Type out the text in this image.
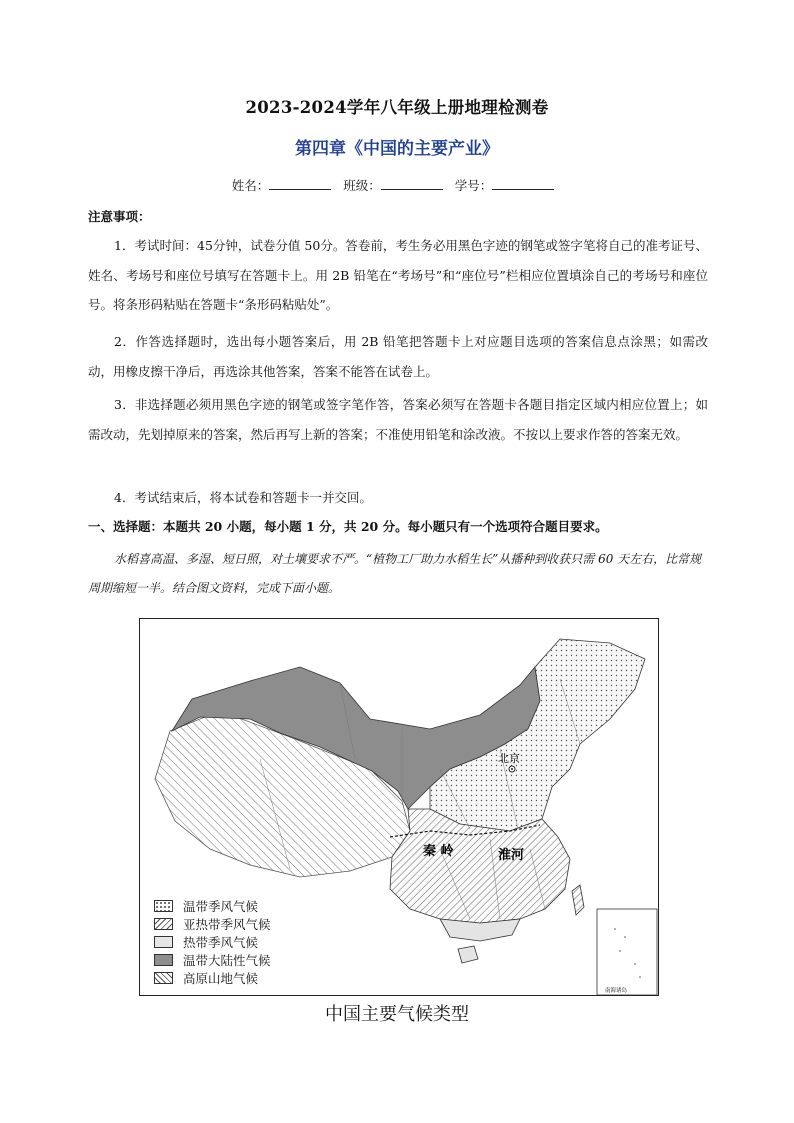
2023-2024学年八年级上册地理检测卷
第四章《中国的主要产业》
姓名：	班级：	学号：
注意事项：
1．考试时间：45分钟，试卷分值 50分。答卷前，考生务必用黑色字迹的钢笔或签字笔将自己的准考证号、姓名、考场号和座位号填写在答题卡上。用 2B 铅笔在“考场号”和“座位号”栏相应位置填涂自己的考场号和座位号。将条形码粘贴在答题卡“条形码粘贴处”。
2．作答选择题时，选出每小题答案后，用 2B 铅笔把答题卡上对应题目选项的答案信息点涂黑；如需改动，用橡皮擦干净后，再选涂其他答案，答案不能答在试卷上。
3．非选择题必须用黑色字迹的钢笔或签字笔作答，答案必须写在答题卡各题目指定区域内相应位置上；如需改动，先划掉原来的答案，然后再写上新的答案；不准使用铅笔和涂改液。不按以上要求作答的答案无效。
4．考试结束后，将本试卷和答题卡一并交回。
一、选择题：本题共 20 小题，每小题 1 分，共 20 分。每小题只有一个选项符合题目要求。
水稻喜高温、多湿、短日照，对土壤要求不严。“植物工厂助力水稻生长”从播种到收获只需 60 天左右，比常规周期缩短一半。结合图文资料，完成下面小题。
北京
秦 岭	淮河
南海诸岛
温带季风气候
亚热带季风气候
热带季风气候
温带大陆性气候
高原山地气候
中国主要气候类型
